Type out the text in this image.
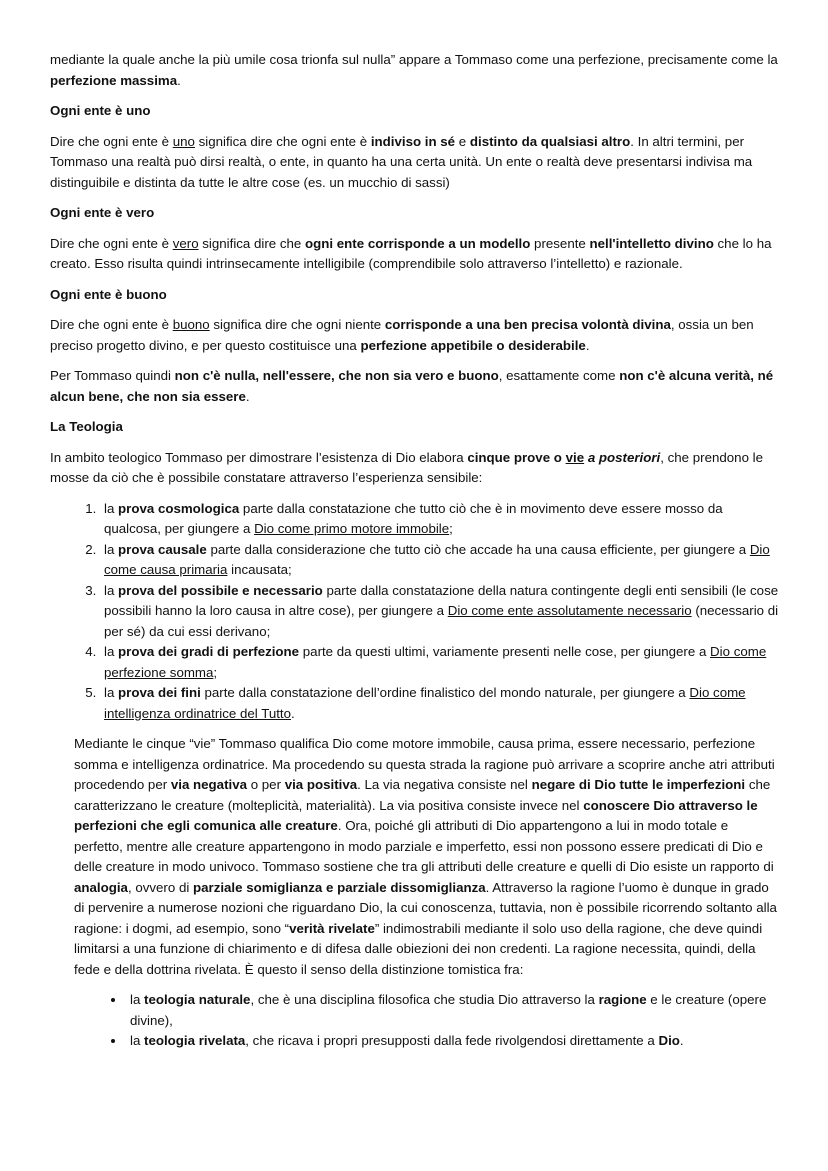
mediante la quale anche la più umile cosa trionfa sul nulla” appare a Tommaso come una perfezione, precisamente come la perfezione massima.

Ogni ente è uno

Dire che ogni ente è uno significa dire che ogni ente è indiviso in sé e distinto da qualsiasi altro. In altri termini, per Tommaso una realtà può dirsi realtà, o ente, in quanto ha una certa unità. Un ente o realtà deve presentarsi indivisa ma distinguibile e distinta da tutte le altre cose (es. un mucchio di sassi)

Ogni ente è vero

Dire che ogni ente è vero significa dire che ogni ente corrisponde a un modello presente nell'intelletto divino che lo ha creato. Esso risulta quindi intrinsecamente intelligibile (comprendibile solo attraverso l’intelletto) e razionale.

Ogni ente è buono

Dire che ogni ente è buono significa dire che ogni niente corrisponde a una ben precisa volontà divina, ossia un ben preciso progetto divino, e per questo costituisce una perfezione appetibile o desiderabile.

Per Tommaso quindi non c'è nulla, nell'essere, che non sia vero e buono, esattamente come non c'è alcuna verità, né alcun bene, che non sia essere.

La Teologia

In ambito teologico Tommaso per dimostrare l’esistenza di Dio elabora cinque prove o vie a posteriori, che prendono le mosse da ciò che è possibile constatare attraverso l’esperienza sensibile:

1. la prova cosmologica parte dalla constatazione che tutto ciò che è in movimento deve essere mosso da qualcosa, per giungere a Dio come primo motore immobile;
2. la prova causale parte dalla considerazione che tutto ciò che accade ha una causa efficiente, per giungere a Dio come causa primaria incausata;
3. la prova del possibile e necessario parte dalla constatazione della natura contingente degli enti sensibili (le cose possibili hanno la loro causa in altre cose), per giungere a Dio come ente assolutamente necessario (necessario di per sé) da cui essi derivano;
4. la prova dei gradi di perfezione parte da questi ultimi, variamente presenti nelle cose, per giungere a Dio come perfezione somma;
5. la prova dei fini parte dalla constatazione dell’ordine finalistico del mondo naturale, per giungere a Dio come intelligenza ordinatrice del Tutto.

Mediante le cinque “vie” Tommaso qualifica Dio come motore immobile, causa prima, essere necessario, perfezione somma e intelligenza ordinatrice. Ma procedendo su questa strada la ragione può arrivare a scoprire anche atri attributi procedendo per via negativa o per via positiva. La via negativa consiste nel negare di Dio tutte le imperfezioni che caratterizzano le creature (molteplicità, materialità). La via positiva consiste invece nel conoscere Dio attraverso le perfezioni che egli comunica alle creature. Ora, poiché gli attributi di Dio appartengono a lui in modo totale e perfetto, mentre alle creature appartengono in modo parziale e imperfetto, essi non possono essere predicati di Dio e delle creature in modo univoco. Tommaso sostiene che tra gli attributi delle creature e quelli di Dio esiste un rapporto di analogia, ovvero di parziale somiglianza e parziale dissomiglianza. Attraverso la ragione l’uomo è dunque in grado di pervenire a numerose nozioni che riguardano Dio, la cui conoscenza, tuttavia, non è possibile ricorrendo soltanto alla ragione: i dogmi, ad esempio, sono “verità rivelate” indimostrabili mediante il solo uso della ragione, che deve quindi limitarsi a una funzione di chiarimento e di difesa dalle obiezioni dei non credenti. La ragione necessita, quindi, della fede e della dottrina rivelata. È questo il senso della distinzione tomistica fra:

• la teologia naturale, che è una disciplina filosofica che studia Dio attraverso la ragione e le creature (opere divine),
• la teologia rivelata, che ricava i propri presupposti dalla fede rivolgendosi direttamente a Dio.
